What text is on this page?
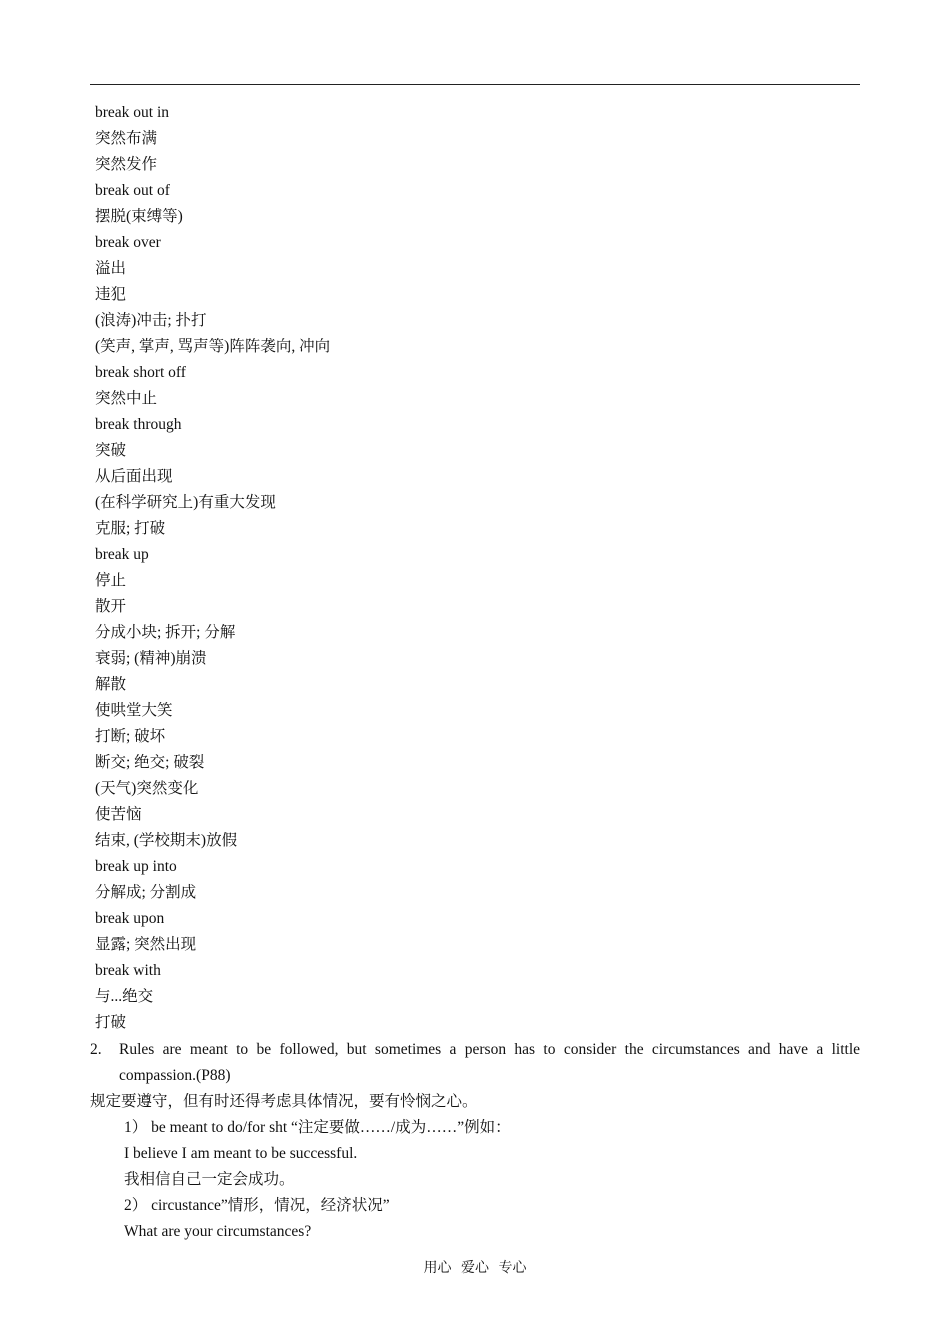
break out in
突然布满
突然发作
break out of
摆脱(束缚等)
break over
溢出
违犯
(浪涛)冲击; 扑打
(笑声, 掌声, 骂声等)阵阵袭向, 冲向
break short off
突然中止
break through
突破
从后面出现
(在科学研究上)有重大发现
克服; 打破
break up
停止
散开
分成小块; 拆开; 分解
衰弱; (精神)崩溃
解散
使哄堂大笑
打断; 破坏
断交; 绝交; 破裂
(天气)突然变化
使苦恼
结束, (学校期末)放假
break up into
分解成; 分割成
break upon
显露; 突然出现
break with
与...绝交
打破
2. Rules are meant to be followed, but sometimes a person has to consider the circumstances and have a little compassion.(P88)
规定要遵守，但有时还得考虑具体情况，要有怜悯之心。
1） be meant to do/for sht “注定要做……/成为……”例如：
I believe I am meant to be successful.
我相信自己一定会成功。
2） circustance”情形，情况，经济状况”
What are your circumstances?
用心 爱心 专心
